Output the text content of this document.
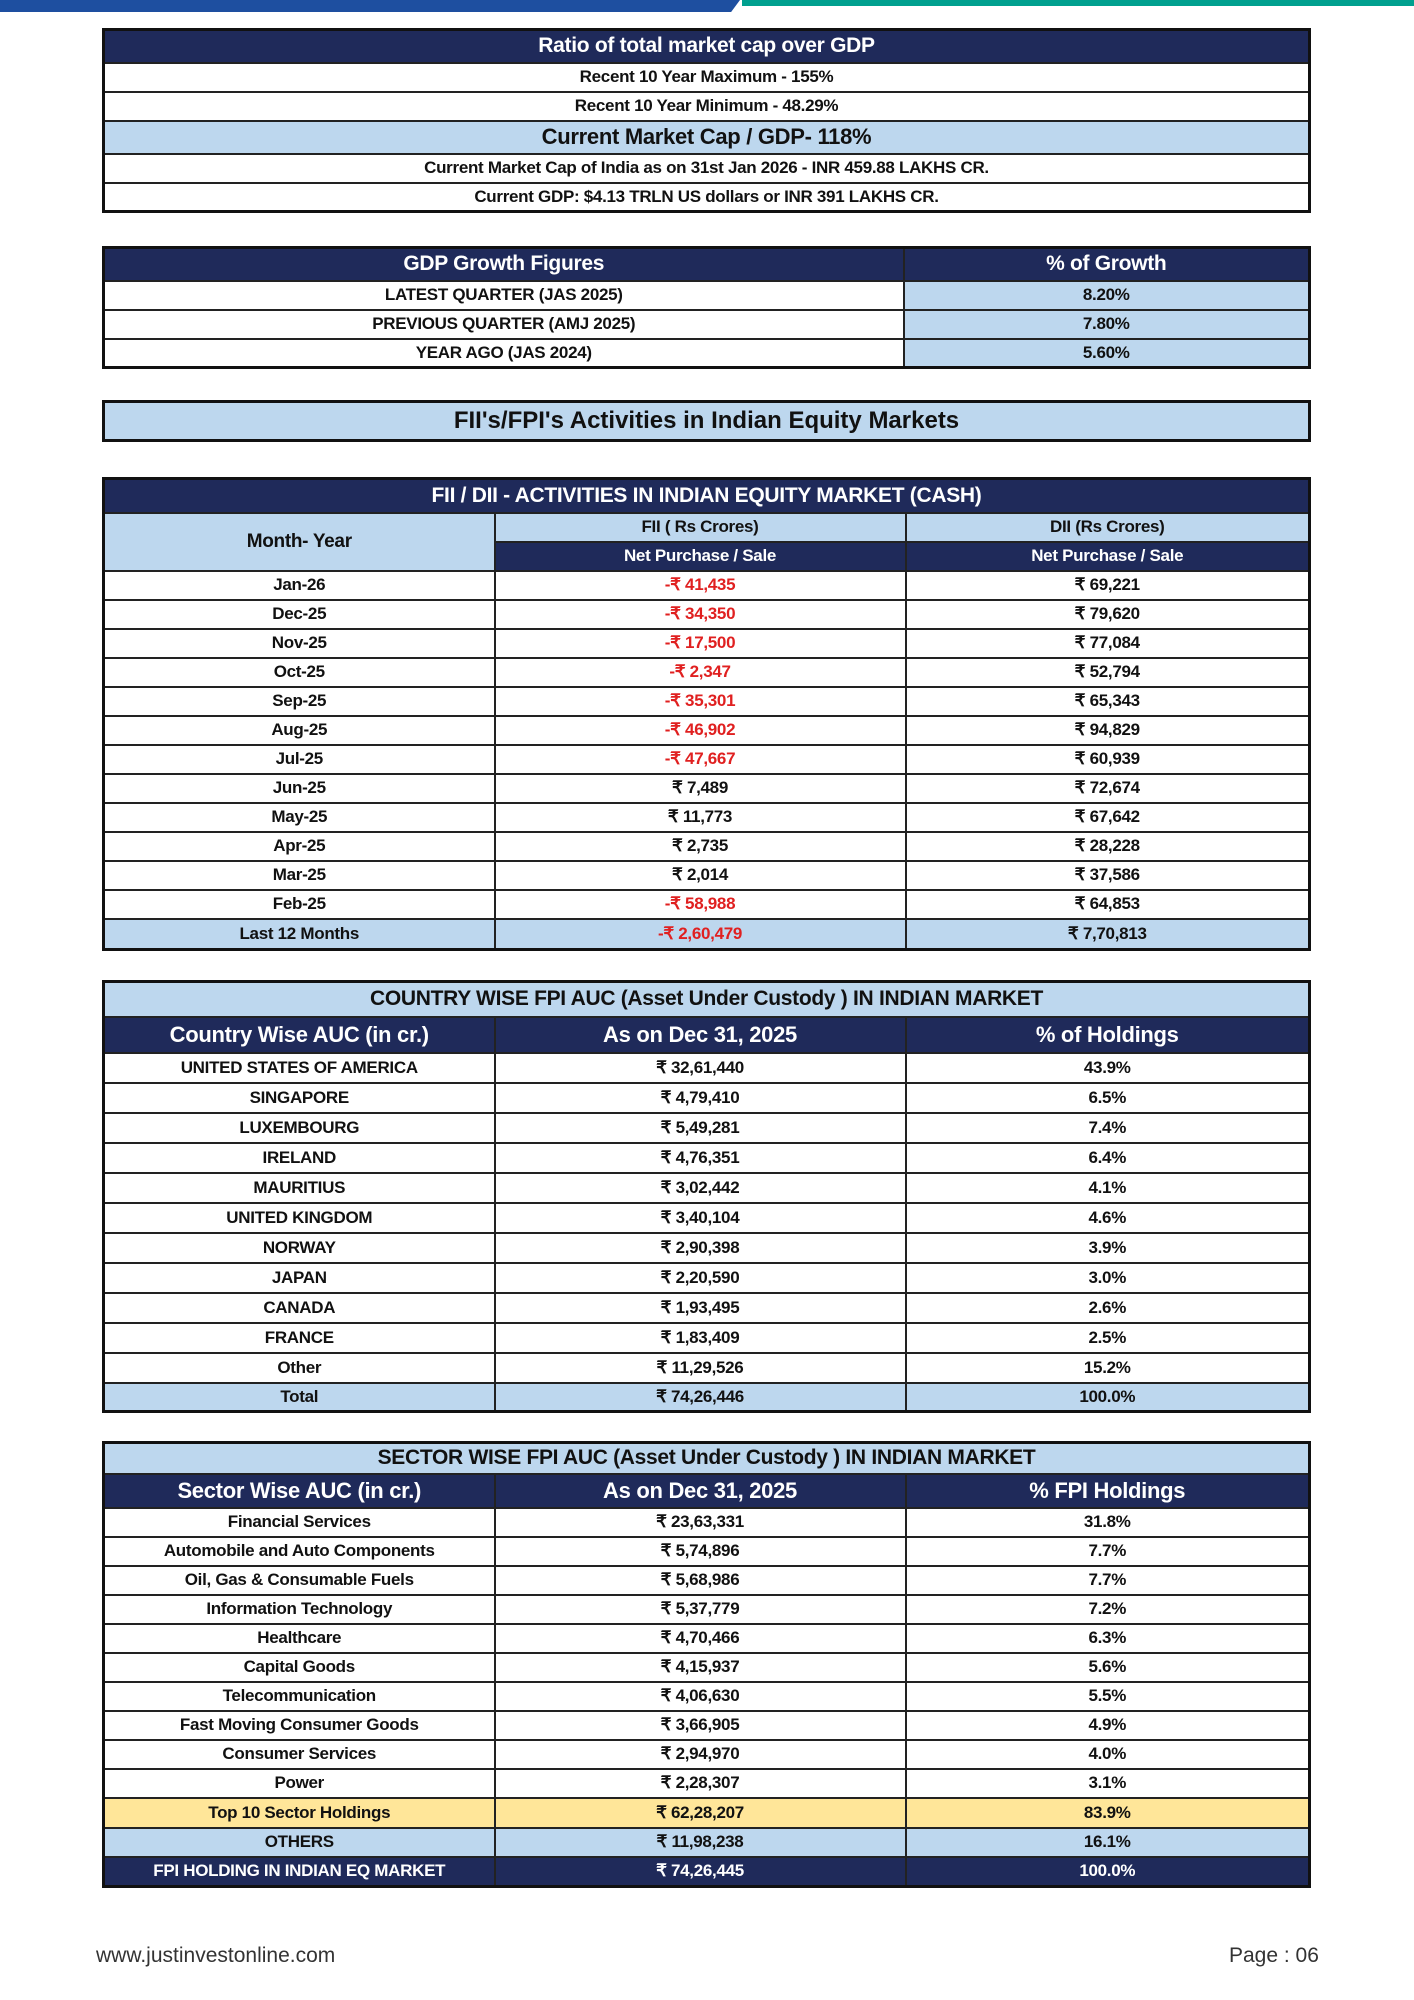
Ratio of total market cap over GDP
Recent 10 Year Maximum - 155%
Recent 10 Year Minimum - 48.29%
Current Market Cap / GDP- 118%
Current Market Cap of India as on 31st Jan 2026 - INR 459.88 LAKHS CR.
Current GDP: $4.13 TRLN US dollars or INR 391 LAKHS CR.
GDP Growth Figures	% of Growth
LATEST QUARTER (JAS 2025)	8.20%
PREVIOUS QUARTER (AMJ 2025)	7.80%
YEAR AGO (JAS 2024)	5.60%
FII's/FPI's Activities in Indian Equity Markets
FII / DII - ACTIVITIES IN INDIAN EQUITY MARKET (CASH)		
Month- Year	FII ( Rs Crores)	DII (Rs Crores)
	Net Purchase / Sale	Net Purchase / Sale
Jan-26	-₹ 41,435	₹ 69,221
Dec-25	-₹ 34,350	₹ 79,620
Nov-25	-₹ 17,500	₹ 77,084
Oct-25	-₹ 2,347	₹ 52,794
Sep-25	-₹ 35,301	₹ 65,343
Aug-25	-₹ 46,902	₹ 94,829
Jul-25	-₹ 47,667	₹ 60,939
Jun-25	₹ 7,489	₹ 72,674
May-25	₹ 11,773	₹ 67,642
Apr-25	₹ 2,735	₹ 28,228
Mar-25	₹ 2,014	₹ 37,586
Feb-25	-₹ 58,988	₹ 64,853
Last 12 Months	-₹ 2,60,479	₹ 7,70,813
COUNTRY WISE FPI AUC (Asset Under Custody ) IN INDIAN MARKET		
Country Wise AUC (in cr.)	As on Dec 31, 2025	% of Holdings
UNITED STATES OF AMERICA	₹ 32,61,440	43.9%
SINGAPORE	₹ 4,79,410	6.5%
LUXEMBOURG	₹ 5,49,281	7.4%
IRELAND	₹ 4,76,351	6.4%
MAURITIUS	₹ 3,02,442	4.1%
UNITED KINGDOM	₹ 3,40,104	4.6%
NORWAY	₹ 2,90,398	3.9%
JAPAN	₹ 2,20,590	3.0%
CANADA	₹ 1,93,495	2.6%
FRANCE	₹ 1,83,409	2.5%
Other	₹ 11,29,526	15.2%
Total	₹ 74,26,446	100.0%
SECTOR WISE FPI AUC (Asset Under Custody ) IN INDIAN MARKET		
Sector Wise AUC (in cr.)	As on Dec 31, 2025	% FPI Holdings
Financial Services	₹ 23,63,331	31.8%
Automobile and Auto Components	₹ 5,74,896	7.7%
Oil, Gas & Consumable Fuels	₹ 5,68,986	7.7%
Information Technology	₹ 5,37,779	7.2%
Healthcare	₹ 4,70,466	6.3%
Capital Goods	₹ 4,15,937	5.6%
Telecommunication	₹ 4,06,630	5.5%
Fast Moving Consumer Goods	₹ 3,66,905	4.9%
Consumer Services	₹ 2,94,970	4.0%
Power	₹ 2,28,307	3.1%
Top 10 Sector Holdings	₹ 62,28,207	83.9%
OTHERS	₹ 11,98,238	16.1%
FPI HOLDING IN INDIAN EQ MARKET	₹ 74,26,445	100.0%
www.justinvestonline.com	Page : 06
